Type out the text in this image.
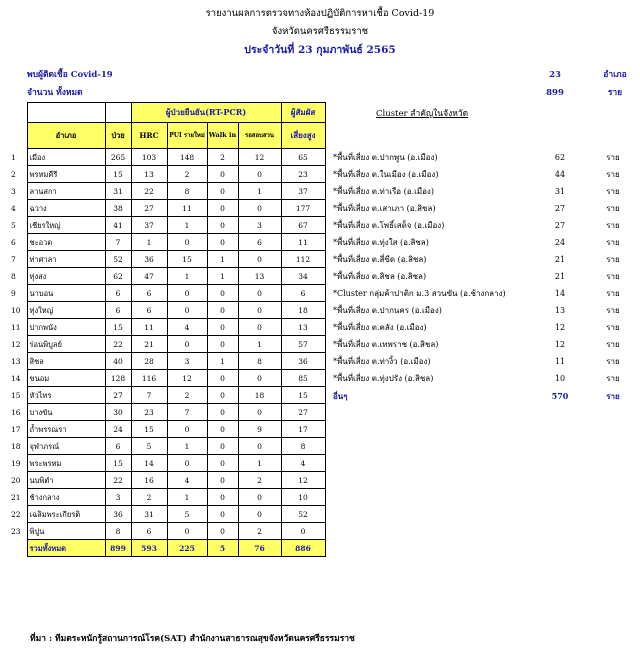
รายงานผลการตรวจทางห้องปฏิบัติการหาเชื้อ Covid-19
จังหวัดนครศรีธรรมราช
ประจำวันที่ 23 กุมภาพันธ์ 2565
พบผู้ติดเชื้อ Covid-19	23	อำเภอ
จำนวน ทั้งหมด	899	ราย
			ผู้ป่วยยืนยัน(RT-PCR)				ผู้สัมผัส
	อำเภอ	ป่วย	HRC	PUI รายใหม่	Walk in	รอสอบสวน	เสี่ยงสูง
1	เมือง	265	103	148	2	12	65
2	พรหมคีรี	15	13	2	0	0	23
3	ลานสกา	31	22	8	0	1	37
4	ฉวาง	38	27	11	0	0	177
5	เชียรใหญ่	41	37	1	0	3	67
6	ชะอวด	7	1	0	0	6	11
7	ท่าศาลา	52	36	15	1	0	112
8	ทุ่งสง	62	47	1	1	13	34
9	นาบอน	6	6	0	0	0	6
10	ทุ่งใหญ่	6	6	0	0	0	18
11	ปากพนัง	15	11	4	0	0	13
12	ร่อนพิบูลย์	22	21	0	0	1	57
13	สิชล	40	28	3	1	8	36
14	ขนอม	128	116	12	0	0	85
15	หัวไทร	27	7	2	0	18	15
16	บางขัน	30	23	7	0	0	27
17	ถ้ำพรรณรา	24	15	0	0	9	17
18	จุฬาภรณ์	6	5	1	0	0	8
19	พระพรหม	15	14	0	0	1	4
20	นบพิตำ	22	16	4	0	2	12
21	ช้างกลาง	3	2	1	0	0	10
22	เฉลิมพระเกียรติ	36	31	5	0	0	52
23	พิปูน	8	6	0	0	2	0
	รวมทั้งหมด	899	593	225	5	76	886
Cluster สำคัญในจังหวัด
*พื้นที่เสี่ยง ต.ปากพูน (อ.เมือง)	62	ราย
*พื้นที่เสี่ยง ต.ในเมือง (อ.เมือง)	44	ราย
*พื้นที่เสี่ยง ต.ท่าเรือ (อ.เมือง)	31	ราย
*พื้นที่เสี่ยง ต.เสาเภา (อ.สิชล)	27	ราย
*พื้นที่เสี่ยง ต.โพธิ์เสด็จ (อ.เมือง)	27	ราย
*พื้นที่เสี่ยง ต.ทุ่งใส (อ.สิชล)	24	ราย
*พื้นที่เสี่ยง ต.สี่ขีด (อ.สิชล)	21	ราย
*พื้นที่เสี่ยง ต.สิชล (อ.สิชล)	21	ราย
*Cluster กลุ่มค้าปาติก ม.3 สวนขัน (อ.ช้างกลาง)	14	ราย
*พื้นที่เสี่ยง ต.ปากนคร (อ.เมือง)	13	ราย
*พื้นที่เสี่ยง ต.คลัง (อ.เมือง)	12	ราย
*พื้นที่เสี่ยง ต.เทพราช (อ.สิชล)	12	ราย
*พื้นที่เสี่ยง ต.ท่างิ้ว (อ.เมือง)	11	ราย
*พื้นที่เสี่ยง ต.ทุ่งปรัง (อ.สิชล)	10	ราย
อื่นๆ	570	ราย
ที่มา : ทีมตระหนักรู้สถานการณ์โรค(SAT) สำนักงานสาธารณสุขจังหวัดนครศรีธรรมราช
